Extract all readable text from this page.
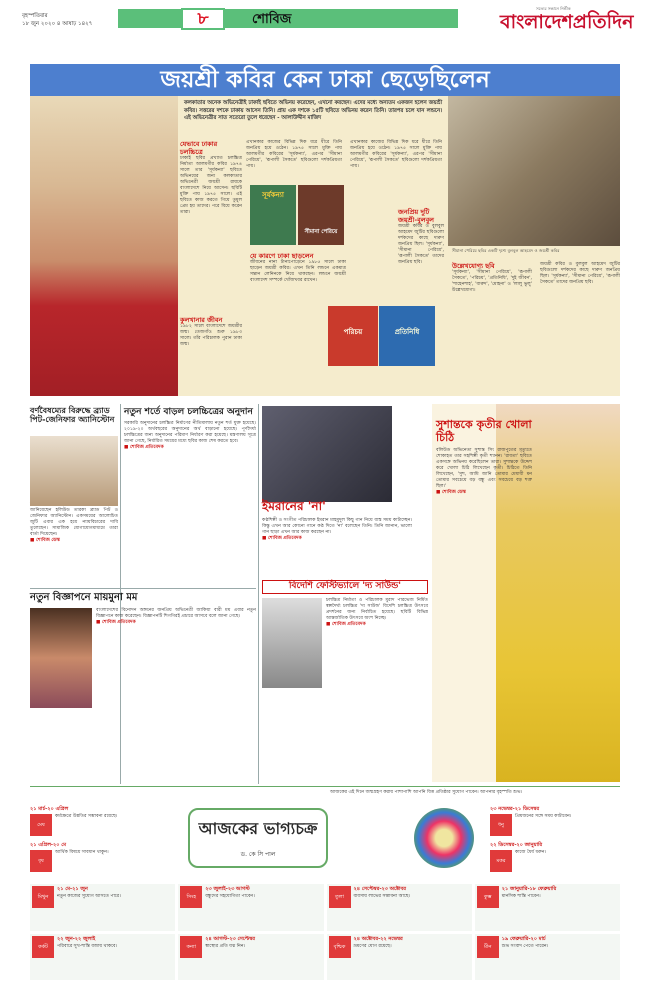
বৃহস্পতিবার
১৮ জুন ২০২০ ৪ আষাঢ় ১৪২৭	৮	শোবিজ
সত্যের সন্ধানে নির্ভীক
বাংলাদেশপ্রতিদিন
জয়শ্রী কবির কেন ঢাকা ছেড়েছিলেন
কলকাতার অনেক অভিনেত্রীই ঢাকাই ছবিতে অভিনয় করেছেন, এখনো করছেন। এদের মধ্যে অন্যতম একজন হলেন জয়শ্রী কবির। সত্তরের দশকে ঢাকায় আসেন তিনি। প্রায় এক দশকে ১৫টি ছবিতে অভিনয় করেন তিনি। তারপর চলে যান লন্ডনে। এই অভিনেত্রীর সাত সতেরো তুলে ধরেছেন - আলাউদ্দীন মাজিদ
যেভাবে ঢাকার চলচ্চিত্রে
ঢাকাই ছবির প্রখ্যাত চলচ্চিত্র নির্মাতা আলমগীর কবির ১৯৭৪ সালে তার 'সূর্যকন্যা' ছবিতে অভিনয়ের জন্য কলকাতার অভিনেত্রী জয়শ্রী রায়কে বাংলাদেশে নিয়ে আসেন। ছবিটি মুক্তি পায় ১৯৭৫ সালে। এই ছবিতে কাজ করতে গিয়ে তুমুল প্রেম হয় তাদের। পরে বিয়ে করেন তারা।
কুলখানার জীবন
১৯৮২ সালে বাংলাদেশে জয়শ্রীর জন্ম। তেজগাঁও শুরু ১৯৮৩ সালে। তাঁর পরিচালক পুরান ঢাকা জন্ম।
এখানকার কাজের বিভিন্ন দিক ধরে ধীরে তিনি জনপ্রিয় হয়ে ওঠেন। ১৯৭৫ সালে মুক্তি পায় আলমগীর কবিরের 'সূর্যকন্যা', এরপর 'সীমানা পেরিয়ে', 'রূপালী সৈকতে' ছবিগুলো দর্শকপ্রিয়তা পায়।
সূর্যকন্যা
সীমানা পেরিয়ে
পরিচয়	প্রতিনিধি
যে কারণে ঢাকা ছাড়লেন
জীবনের নানা টানাপোড়েনে ১৯৮৫ সালে ঢাকা ছাড়েন জয়শ্রী কবির। এখন তিনি লন্ডনে একমাত্র সন্তান লেনিনকে নিয়ে থাকছেন। লন্ডনে জয়শ্রী বাংলাদেশ সম্পর্কে খোঁজখবর রাখেন।
এখানকার কাজের বিভিন্ন দিক ধরে ধীরে তিনি জনপ্রিয় হয়ে ওঠেন। ১৯৭৫ সালে মুক্তি পায় আলমগীর কবিরের 'সূর্যকন্যা', এরপর 'সীমানা পেরিয়ে', 'রূপালী সৈকতে' ছবিগুলো দর্শকপ্রিয়তা পায়।
জনপ্রিয় দুটি জয়শ্রী-বুলবুল
জয়শ্রী কবির ও বুলবুল আহমেদ জুটির ছবিগুলো দর্শকদের কাছে দারুণ জনপ্রিয় ছিল। 'সূর্যকন্যা', 'সীমানা পেরিয়ে', 'রূপালী সৈকতে' তাদের জনপ্রিয় ছবি।
সীমানা পেরিয়ে ছবির একটি দৃশ্যে বুলবুল আহমেদ ও জয়শ্রী কবির
উল্লেখযোগ্য ছবি
'সূর্যকন্যা', 'সীমানা পেরিয়ে', 'রূপালী সৈকতে', 'পরিচয়', 'প্রতিনিধি', 'দুই জীবন', 'শাহেনশাহ', 'বারুদ', 'মোহনা' ও 'লালু ভুলু' উল্লেখযোগ্য।
জয়শ্রী কবির ও বুলবুল আহমেদ জুটির ছবিগুলো দর্শকদের কাছে দারুণ জনপ্রিয় ছিল। 'সূর্যকন্যা', 'সীমানা পেরিয়ে', 'রূপালী সৈকতে' তাদের জনপ্রিয় ছবি।
বর্ণবৈষম্যের বিরুদ্ধে ব্র্যাড পিট-জেনিফার অ্যানিস্টোন
জানিয়েছেন হলিউড তারকা ব্র্যাড পিট ও জেনিফার অ্যানিস্টোন। একসময়ের আলোচিত জুটি এবার এক হয়ে ন্যায়বিচারের দাবি তুলেছেন। সামাজিক যোগাযোগমাধ্যমে তারা বার্তা দিয়েছেন।
■ শোবিজ ডেস্ক
নতুন বিজ্ঞাপনে মায়মুনা মম
বাংলাদেশের বিনোদন অঙ্গনের জনপ্রিয় অভিনেত্রী জাকিয়া বারী মম এবার নতুন বিজ্ঞাপনে কাজ করেছেন। বিজ্ঞাপনটি শিগগিরই প্রচারে আসবে বলে জানা গেছে।
■ শোবিজ প্রতিবেদক
নতুন শর্তে বাড়ল চলচ্চিত্রের অনুদান
সরকারি অনুদানের চলচ্চিত্র নির্মাণের নীতিমালায় নতুন শর্ত যুক্ত হয়েছে। ২০১৯-২০ অর্থবছরের অনুদানের অর্থ বাড়ানো হয়েছে। পূর্ণদৈর্ঘ্য চলচ্চিত্রের জন্য অনুদানের পরিমাণ নির্ধারণ করা হয়েছে। মন্ত্রণালয় সূত্রে জানা গেছে, নির্ধারিত সময়ের মধ্যে ছবির কাজ শেষ করতে হবে।
■ শোবিজ প্রতিবেদক
ইমরানের 'না'
কণ্ঠশিল্পী ও সংগীত পরিচালক ইমরান মাহমুদুল কিছু গান নিয়ে ব্যস্ত সময় কাটাচ্ছেন। কিন্তু এখন আর কোনো গানে কণ্ঠ দিতে 'না' বলেছেন তিনি। তিনি জানান, ভালো গান ছাড়া এখন আর কাজ করছেন না।
■ শোবিজ প্রতিবেদক
বিদেশি ফেস্টিভ্যালে 'দ্য সাউন্ড'
চলচ্চিত্র নির্মাতা ও পরিচালক মুরাদ পারভেজ নির্মিত স্বল্পদৈর্ঘ্য চলচ্চিত্র 'দ্য সাউন্ড' বিদেশি চলচ্চিত্র উৎসবে প্রদর্শনের জন্য নির্বাচিত হয়েছে। ছবিটি বিভিন্ন আন্তর্জাতিক উৎসবে অংশ নিচ্ছে।
■ শোবিজ প্রতিবেদক
সুশান্তকে কৃতীর খোলা চিঠি
বলিউড অভিনেতা সুশান্ত সিং রাজপুতের মৃত্যুতে শোকাহত তার সহশিল্পী কৃতী শ্যানন। 'রাবতা' ছবিতে একসঙ্গে অভিনয় করেছিলেন তারা। সুশান্তকে উদ্দেশ করে খোলা চিঠি লিখেছেন কৃতী। চিঠিতে তিনি লিখেছেন, 'সুশ, আমি জানি তোমার মেধাবী মন তোমার সবচেয়ে বড় বন্ধু এবং সবচেয়ে বড় শত্রু ছিল।'
■ শোবিজ ডেস্ক
আজকের এই দিনে জন্মগ্রহণ করায় পাশাপাশি আপনি বিত্ত প্রতিষ্ঠার সুযোগ পাবেন। আপনার বৃহস্পতি শুভ।
আজকের ভাগ্যচক্র
ড. কে সি পাল
২১ মার্চ-২০ এপ্রিল
মেষ
কর্মক্ষেত্রে উন্নতির সম্ভাবনা রয়েছে।
২১ এপ্রিল-২০ মে
বৃষ
আর্থিক বিষয়ে সাবধান থাকুন।
২৩ নভেম্বর-২১ ডিসেম্বর
ধনু
প্রিয়জনের সঙ্গে সময় কাটাবেন।
২২ ডিসেম্বর-২০ জানুয়ারি
মকর
কাজে ধৈর্য ধরুন।
মিথুন
২১ মে-২১ জুন
নতুন কাজের সুযোগ আসতে পারে।	সিংহ
২৩ জুলাই-২৩ আগস্ট
বন্ধুদের সহযোগিতা পাবেন।	তুলা
২৪ সেপ্টেম্বর-২৩ অক্টোবর
ব্যবসায় লাভের সম্ভাবনা আছে।	কুম্ভ
২১ জানুয়ারি-১৮ ফেব্রুয়ারি
মানসিক শান্তি পাবেন।
কর্কট
২২ জুন-২২ জুলাই
পরিবারে সুখ-শান্তি বজায় থাকবে।	কন্যা
২৪ আগস্ট-২৩ সেপ্টেম্বর
স্বাস্থ্যের প্রতি যত্ন নিন।	বৃশ্চিক
২৪ অক্টোবর-২২ নভেম্বর
ভ্রমণের যোগ রয়েছে।	মীন
১৯ ফেব্রুয়ারি-২০ মার্চ
শুভ সংবাদ পেতে পারেন।
